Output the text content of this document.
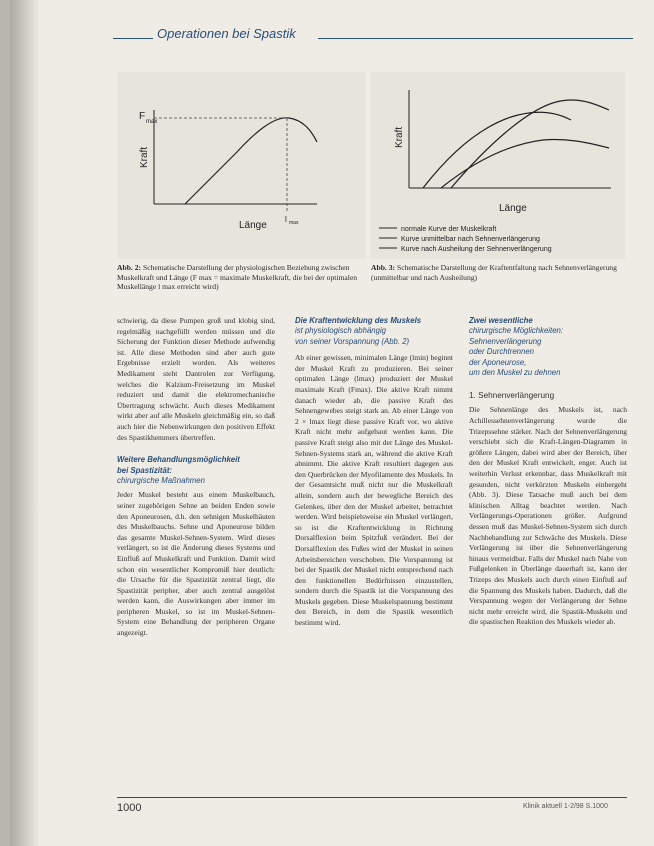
Operationen bei Spastik
F max
Kraft
Länge
l max
Kraft
Länge
normale Kurve der Muskelkraft
Kurve unmittelbar nach Sehnenverlängerung
Kurve nach Ausheilung der Sehnenverlängerung
Abb. 2: Schematische Darstellung der physiologischen Beziehung zwischen Muskelkraft und Länge (F max = maximale Muskelkraft, die bei der optimalen Muskellänge l max erreicht wird)
Abb. 3: Schematische Darstellung der Kraftentfaltung nach Sehnenverlängerung (unmittelbar und nach Ausheilung)

schwierig, da diese Pumpen groß und klobig sind, regelmäßig nachgefüllt werden müssen und die Sicherung der Funktion dieser Methode aufwendig ist. Alle diese Methoden sind aber auch gute Ergebnisse erzielt worden. Als weiteres Medikament steht Dantrolen zur Verfügung, welches die Kalzium-Freisetzung im Muskel reduziert und damit die elektromechanische Übertragung schwächt. Auch dieses Medikament wirkt aber auf alle Muskeln gleichmäßig ein, so daß auch hier die Nebenwirkungen den positiven Effekt des Spastikhemmers übertreffen.

Weitere Behandlungsmöglichkeit
bei Spastizität:
chirurgische Maßnahmen

Jeder Muskel besteht aus einem Muskelbauch, seiner zugehörigen Sehne an beiden Enden sowie den Aponeurosen, d.h. den sehnigen Muskelhäuten des Muskelbauchs. Sehne und Aponeurose bilden das gesamte Muskel-Sehnen-System. Wird dieses verlängert, so ist die Änderung dieses Systems und Einfluß auf Muskelkraft und Funktion. Damit wird schon ein wesentlicher Kompromiß hier deutlich: die Ursache für die Spastizität zentral liegt, die Spastizität peripher, aber auch zentral ausgelöst werden kann, die Auswirkungen aber immer im peripheren Muskel, so ist im Muskel-Sehnen-System eine Behandlung der peripheren Organe angezeigt.

Die Kraftentwicklung des Muskels
ist physiologisch abhängig
von seiner Vorspannung (Abb. 2)

Ab einer gewissen, minimalen Länge (lmin) beginnt der Muskel Kraft zu produzieren. Bei seiner optimalen Länge (lmax) produziert der Muskel maximale Kraft (Fmax). Die aktive Kraft nimmt danach wieder ab, die passive Kraft des Sehnengewebes steigt stark an. Ab einer Länge von 2 × lmax liegt diese passive Kraft vor, wo aktive Kraft nicht mehr aufgebaut werden kann. Die passive Kraft steigt also mit der Länge des Muskel-Sehnen-Systems stark an, während die aktive Kraft abnimmt. Die aktive Kraft resultiert dagegen aus den Querbrücken der Myofilamente des Muskels. In der Gesamtsicht muß nicht nur die Muskelkraft allein, sondern auch der bewegliche Bereich des Gelenkes, über den der Muskel arbeitet, betrachtet werden. Wird beispielsweise ein Muskel verlängert, so ist die Kraftentwicklung in Richtung Dorsalflexion beim Spitzfuß verändert. Bei der Dorsalflexion des Fußes wird der Muskel in seinen Arbeitsbereichen verschoben. Die Vorspannung ist bei der Spastik der Muskel nicht entsprechend nach den funktionellen Bedürfnissen einzustellen, sondern durch die Spastik ist die Vorspannung des Muskels gegeben. Diese Muskelspannung bestimmt den Bereich, in dem die Spastik wesentlich bestimmt wird.

Zwei wesentliche
chirurgische Möglichkeiten:
Sehnenverlängerung
oder Durchtrennen
der Aponeurose,
um den Muskel zu dehnen
1. Sehnenverlängerung

Die Sehnenlänge des Muskels ist, nach Achillessehnenverlängerung wurde die Trizepssehne stärker. Nach der Sehnenverlängerung verschiebt sich die Kraft-Längen-Diagramm in größere Längen, dabei wird aber der Bereich, über den der Muskel Kraft entwickelt, enger. Auch ist weiterhin Verlust erkennbar, dass Muskelkraft mit gesunden, nicht verkürzten Muskeln einhergeht (Abb. 3). Diese Tatsache muß auch bei dem klinischen Alltag beachtet werden. Nach Verlängerungs-Operationen größer. Aufgrund dessen muß das Muskel-Sehnen-System sich durch Nachbehandlung zur Schwäche des Muskels. Diese Verlängerung ist über die Sehnenverlängerung hinaus vermeidbar. Falls der Muskel nach Nahe von Fußgelenken in Überlänge dauerhaft ist, kann der Trizeps des Muskels auch durch einen Einfluß auf die Spannung des Muskels haben. Dadurch, daß die Verspannung wegen der Verlängerung der Sehne nicht mehr erreicht wird, die Spastik-Muskeln und die spastischen Reaktion des Muskels wieder ab.

1000	Klinik aktuell 1-2/98 S.1000
